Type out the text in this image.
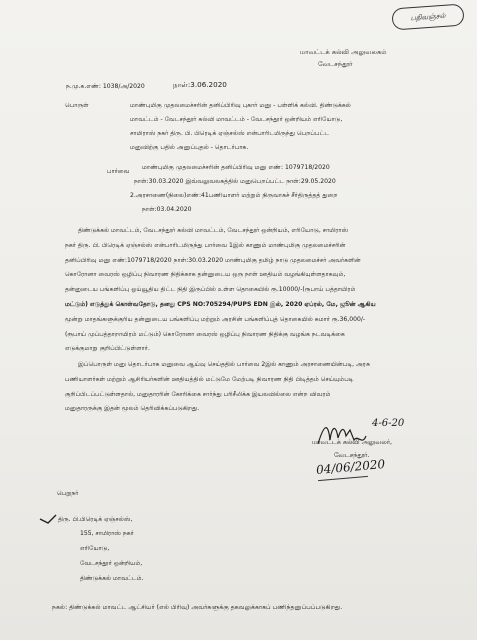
பதிவஞ்சல்
மாவட்டக் கல்வி அலுவலகம்
வேடசந்தூர்
ந.மு.க.எண்: 1038/அ/2020	நாள்:3.06.2020
பொருள்	மாண்புமிகு முதலமைச்சரின் தனிப்பிரிவு புகார் மனு - பள்ளிக் கல்வி. திண்டுக்கல்
மாவட்டம் - வேடசந்தூர் கல்வி மாவட்டம் - வேடசந்தூர் ஒன்றியம் எரியோடு,
சாமிராஸ் நகர் திரு. பி. பிரெடிக் ஏஞ்சல்ஸ் என்பாரிடமிருந்து பெறப்பட்ட
மனுவிற்கு பதில் அனுப்புதல் - தொடர்பாக.
பார்வை
மாண்புமிகு முதலமைச்சரின் தனிப்பிரிவு மனு எண்: 1079718/2020
நாள்:30.03.2020 இவ்வலுவலகத்தில் மனுபெறப்பட்ட நாள்:29.05.2020
2.அரசாணை(நிலை)எண்:41பணியாளர் மற்றும் நிருவாகச் சீர்திருத்தத் துறை
நாள்:03.04.2020
திண்டுக்கல் மாவட்டம், வேடசந்தூர் கல்வி மாவட்டம், வேடசந்தூர் ஒன்றியம், எரியோடு, சாமிராஸ்
நகர் திரு. பி. பிரெடிக் ஏஞ்சல்ஸ் என்பாரிடமிருந்து பார்வை 1இல் காணும் மாண்புமிகு முதலமைச்சரின்
தனிப்பிரிவு மனு எண்:1079718/2020 நாள்:30.03.2020 மாண்புமிகு தமிழ் நாடு முதலமைச்சர் அவர்களின்
கொரோனா வைரஸ் ஒழிப்பு நிவாரண நிதிக்காக தன்னுடைய ஒரு நாள் ஊதியம் வழங்கியுள்ளதாகவும்,
தன்னுடைய பங்களிப்பு ஓய்வூதிய திட்ட நிதி இருப்பில் உள்ள தொகையில் ரூ.10000/-(ரூபாய் பத்தாயிரம்
மட்டும்) எடுத்துக் கொள்வதோடு, தனது CPS NO:705294/PUPS EDN இல், 2020 ஏப்ரல், மே, ஜூன் ஆகிய
மூன்று மாதங்களுக்குரிய தன்னுடைய பங்களிப்பு மற்றும் அரசின் பங்களிப்புத் தொகையில் சுமார் ரூ.36,000/-
(ரூபாய் முப்பத்தாறாயிரம் மட்டும்) கொரோனா வைரஸ் ஒழிப்பு நிவாரண நிதிக்கு வழங்க நடவடிக்கை
எடுக்குமாறு குறிப்பிட்டுள்ளார்.
இப்பொருள் மனு தொடர்பாக மனுவை ஆய்வு செய்ததில் பார்வை 2இல் காணும் அரசாணையின்படி, அரசு
பணியாளர்கள் மற்றும் ஆசிரியர்களின் ஊதியத்தில் மட்டுமே மேற்படி நிவாரண நிதி பிடித்தம் செய்யும்படி
குறிப்பிடப்பட்டுள்ளதால், மனுதாரரின் கோரிக்கை சார்ந்து பரிசீலிக்க இயலவில்லை என்ற விவரம்
மனுதாரருக்கு இதன் மூலம் தெரிவிக்கப்படுகிறது.
4-6-20
மாவட்டக் கல்வி அலுவலர்,
வேடசந்தூர்.
04/06/2020
பெறுநர்
திரு. பி.பிரெடிக் ஏஞ்சல்ஸ்,
155, சாமிராஸ் நகர்
எரியோடு,
வேடசந்தூர் ஒன்றியம்,
திண்டுக்கல் மாவட்டம்.
நகல்: திண்டுக்கல் மாவட்ட ஆட்சியர் (எல் பிரிவு) அவர்களுக்கு தகவலுக்காகப் பணிந்தனுப்பப்படுகிறது.
